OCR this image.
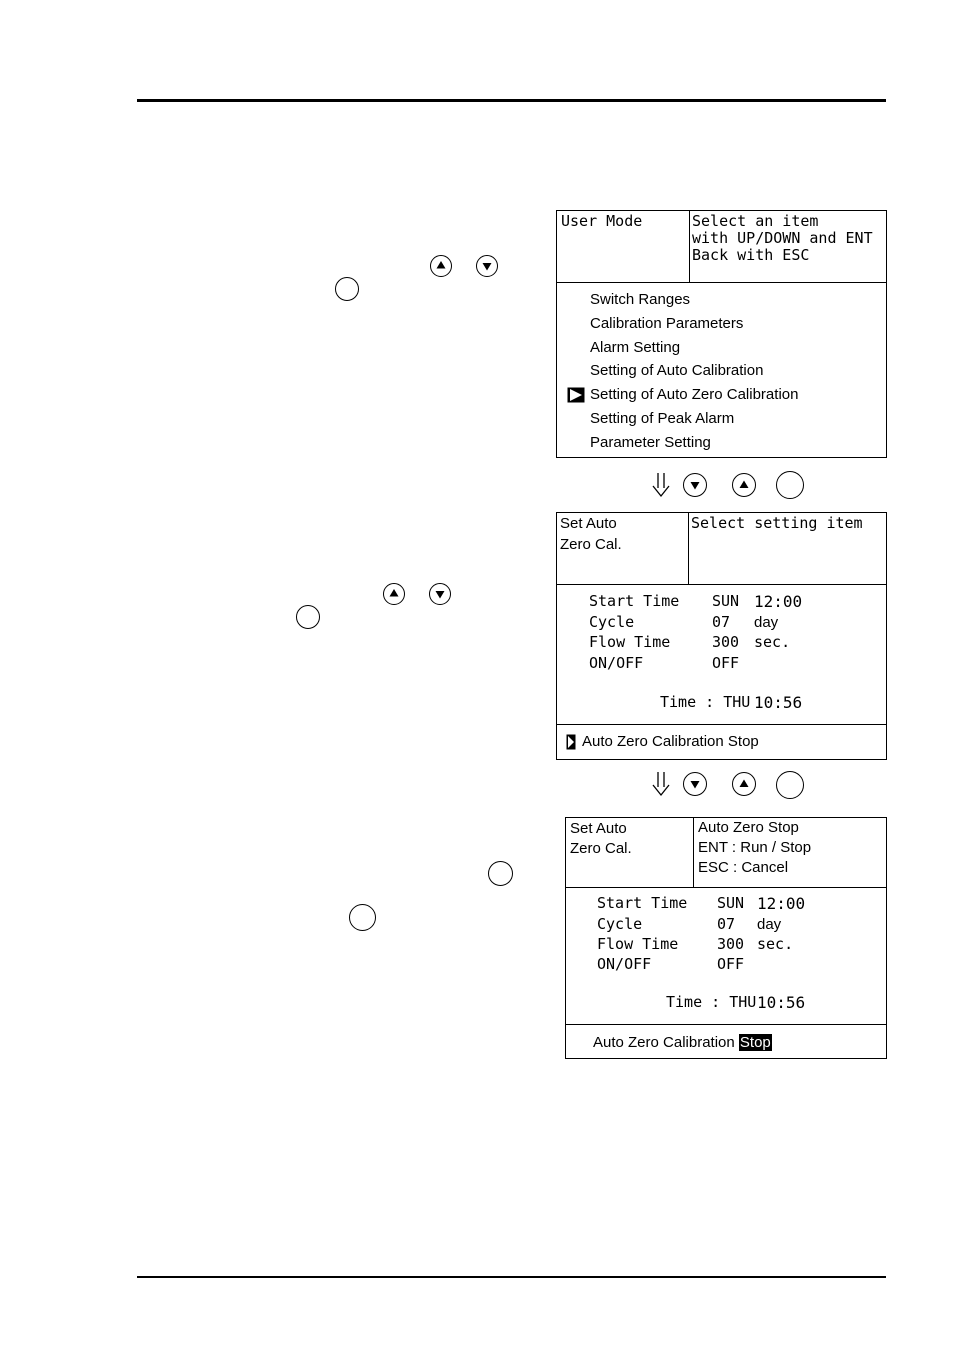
User Mode	Select an item
with UP/DOWN and ENT
Back with ESC
Switch Ranges
Calibration Parameters
Alarm Setting
Setting of Auto Calibration
Setting of Auto Zero Calibration
Setting of Peak Alarm
Parameter Setting
Set Auto
Zero Cal.
Select setting item
Start Time SUN 12:00
Cycle	07 day
Flow Time	300 sec.
ON/OFF	OFF
Time : THU 10:56
Auto Zero Calibration Stop
Set Auto
Zero Cal.
Auto Zero Stop
ENT : Run / Stop
ESC : Cancel
Start Time SUN 12:00
Cycle	07 day
Flow Time	300 sec.
ON/OFF	OFF
Time : THU 10:56
Auto Zero Calibration Stop
